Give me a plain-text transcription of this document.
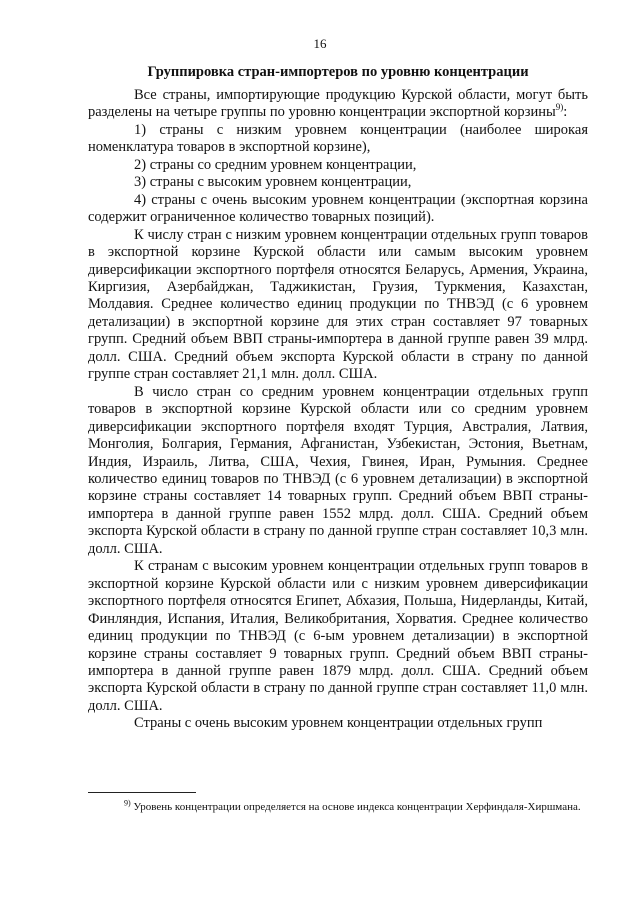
16
Группировка стран-импортеров по уровню концентрации

Все страны, импортирующие продукцию Курской области, могут быть разделены на четыре группы по уровню концентрации экспортной корзины$^{9)}$:

1) страны с низким уровнем концентрации (наиболее широкая номенклатура товаров в экспортной корзине),

2) страны со средним уровнем концентрации,

3) страны с высоким уровнем концентрации,

4) страны с очень высоким уровнем концентрации (экспортная корзина содержит ограниченное количество товарных позиций).

К числу стран с низким уровнем концентрации отдельных групп товаров в экспортной корзине Курской области или самым высоким уровнем диверсификации экспортного портфеля относятся Беларусь, Армения, Украина, Киргизия, Азербайджан, Таджикистан, Грузия, Туркмения, Казахстан, Молдавия. Среднее количество единиц продукции по ТНВЭД (с 6 уровнем детализации) в экспортной корзине для этих стран составляет 97 товарных групп. Средний объем ВВП страны-импортера в данной группе равен 39 млрд. долл. США. Средний объем экспорта Курской области в страну по данной группе стран составляет 21,1 млн. долл. США.

В число стран со средним уровнем концентрации отдельных групп товаров в экспортной корзине Курской области или со средним уровнем диверсификации экспортного портфеля входят Турция, Австралия, Латвия, Монголия, Болгария, Германия, Афганистан, Узбекистан, Эстония, Вьетнам, Индия, Израиль, Литва, США, Чехия, Гвинея, Иран, Румыния. Среднее количество единиц товаров по ТНВЭД (с 6 уровнем детализации) в экспортной корзине страны составляет 14 товарных групп. Средний объем ВВП страны-импортера в данной группе равен 1552 млрд. долл. США. Средний объем экспорта Курской области в страну по данной группе стран составляет 10,3 млн. долл. США.

К странам с высоким уровнем концентрации отдельных групп товаров в экспортной корзине Курской области или с низким уровнем диверсификации экспортного портфеля относятся Египет, Абхазия, Польша, Нидерланды, Китай, Финляндия, Испания, Италия, Великобритания, Хорватия. Среднее количество единиц продукции по ТНВЭД (с 6-ым уровнем детализации) в экспортной корзине страны составляет 9 товарных групп. Средний объем ВВП страны-импортера в данной группе равен 1879 млрд. долл. США. Средний объем экспорта Курской области в страну по данной группе стран составляет 11,0 млн. долл. США.

Страны с очень высоким уровнем концентрации отдельных групп

$^{9)}$ Уровень концентрации определяется на основе индекса концентрации Херфиндаля-Хиршмана.
